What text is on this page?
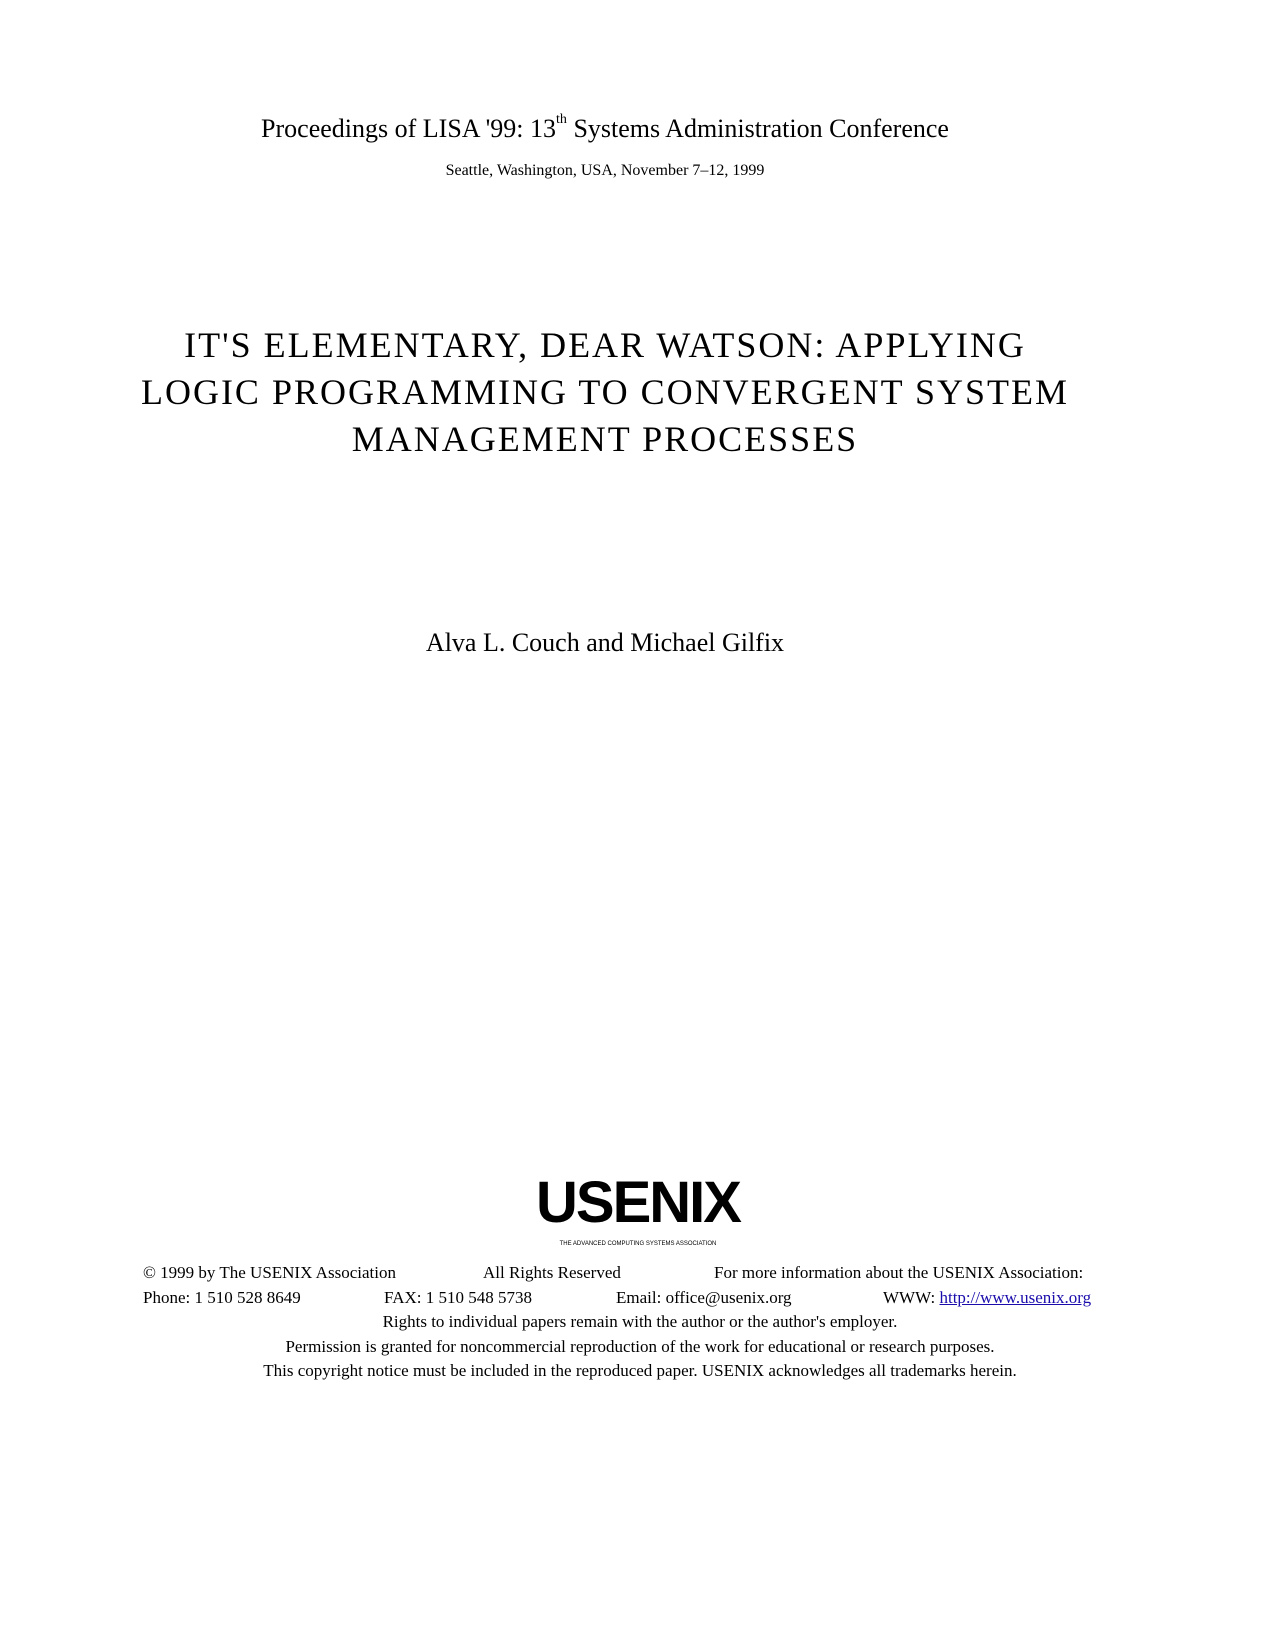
Proceedings of LISA '99: 13th Systems Administration Conference
Seattle, Washington, USA, November 7–12, 1999
IT'S ELEMENTARY, DEAR WATSON: APPLYING
LOGIC PROGRAMMING TO CONVERGENT SYSTEM
MANAGEMENT PROCESSES
Alva L. Couch and Michael Gilfix
USENIX
THE ADVANCED COMPUTING SYSTEMS ASSOCIATION
© 1999 by The USENIX Association	All Rights Reserved	For more information about the USENIX Association:
Phone: 1 510 528 8649	FAX: 1 510 548 5738	Email: office@usenix.org	WWW: http://www.usenix.org
Rights to individual papers remain with the author or the author's employer.
Permission is granted for noncommercial reproduction of the work for educational or research purposes.
This copyright notice must be included in the reproduced paper. USENIX acknowledges all trademarks herein.
